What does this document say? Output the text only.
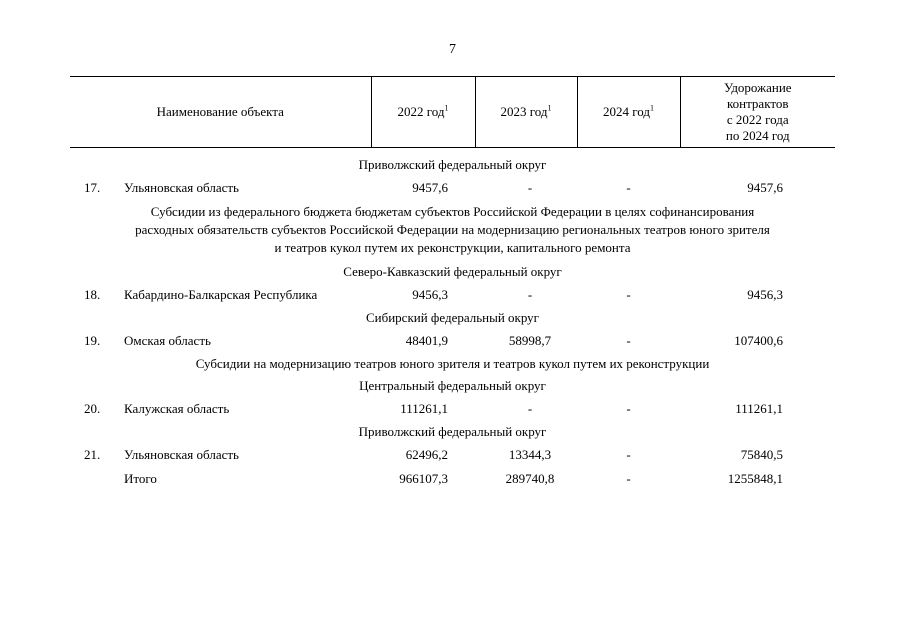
7
Наименование объекта	2022 год$^1$	2023 год$^1$	2024 год$^1$	Удорожание
контрактов
с 2022 года
по 2024 год
Приволжский федеральный округ				

17. Ульяновская область	9457,6	-	-	9457,6
Субсидии из федерального бюджета бюджетам субъектов Российской Федерации в целях софинансирования
расходных обязательств субъектов Российской Федерации на модернизацию региональных театров юного зрителя
и театров кукол путем их реконструкции, капитального ремонта				
Северо-Кавказский федеральный округ				

18. Кабардино-Балкарская Республика	9456,3	-	-	9456,3
Сибирский федеральный округ				

19. Омская область	48401,9	58998,7	-	107400,6
Субсидии на модернизацию театров юного зрителя и театров кукол путем их реконструкции				
Центральный федеральный округ				

20. Калужская область	111261,1	-	-	111261,1
Приволжский федеральный округ				

21. Ульяновская область	62496,2	13344,3	-	75840,5
Итого	966107,3	289740,8	-	1255848,1
